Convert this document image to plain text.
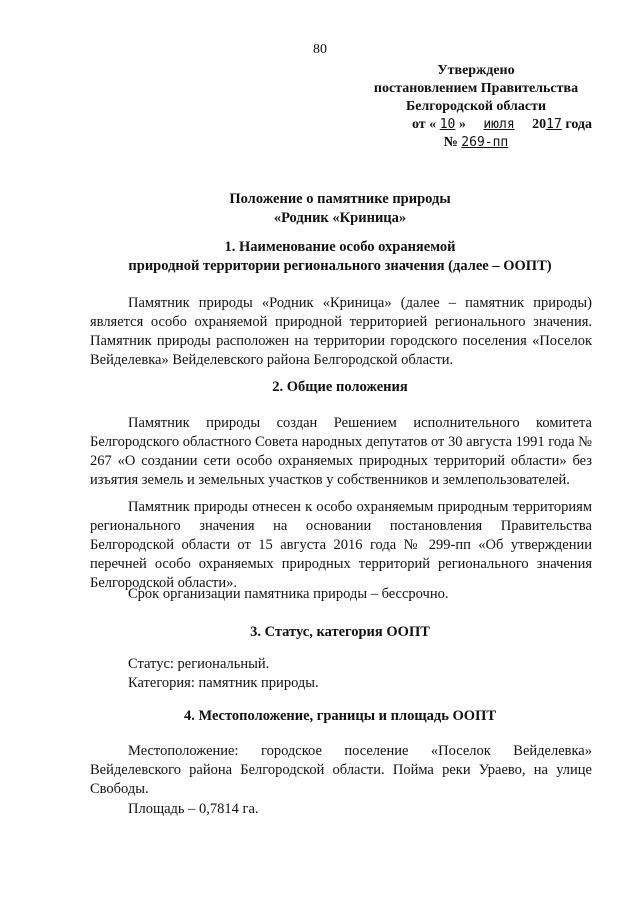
80
Утверждено
постановлением Правительства
Белгородской области
от « 10 » июля 2017 года
№ 269-пп
Положение о памятнике природы
«Родник «Криница»
1. Наименование особо охраняемой
природной территории регионального значения (далее – ООПТ)
Памятник природы «Родник «Криница» (далее – памятник природы) является особо охраняемой природной территорией регионального значения. Памятник природы расположен на территории городского поселения «Поселок Вейделевка» Вейделевского района Белгородской области.
2. Общие положения
Памятник природы создан Решением исполнительного комитета Белгородского областного Совета народных депутатов от 30 августа 1991 года № 267 «О создании сети особо охраняемых природных территорий области» без изъятия земель и земельных участков у собственников и землепользователей.
Памятник природы отнесен к особо охраняемым природным территориям регионального значения на основании постановления Правительства Белгородской области от 15 августа 2016 года № 299-пп «Об утверждении перечней особо охраняемых природных территорий регионального значения Белгородской области».
Срок организации памятника природы – бессрочно.
3. Статус, категория ООПТ
Статус: региональный.
Категория: памятник природы.
4. Местоположение, границы и площадь ООПТ
Местоположение: городское поселение «Поселок Вейделевка» Вейделевского района Белгородской области. Пойма реки Ураево, на улице Свободы.
Площадь – 0,7814 га.
